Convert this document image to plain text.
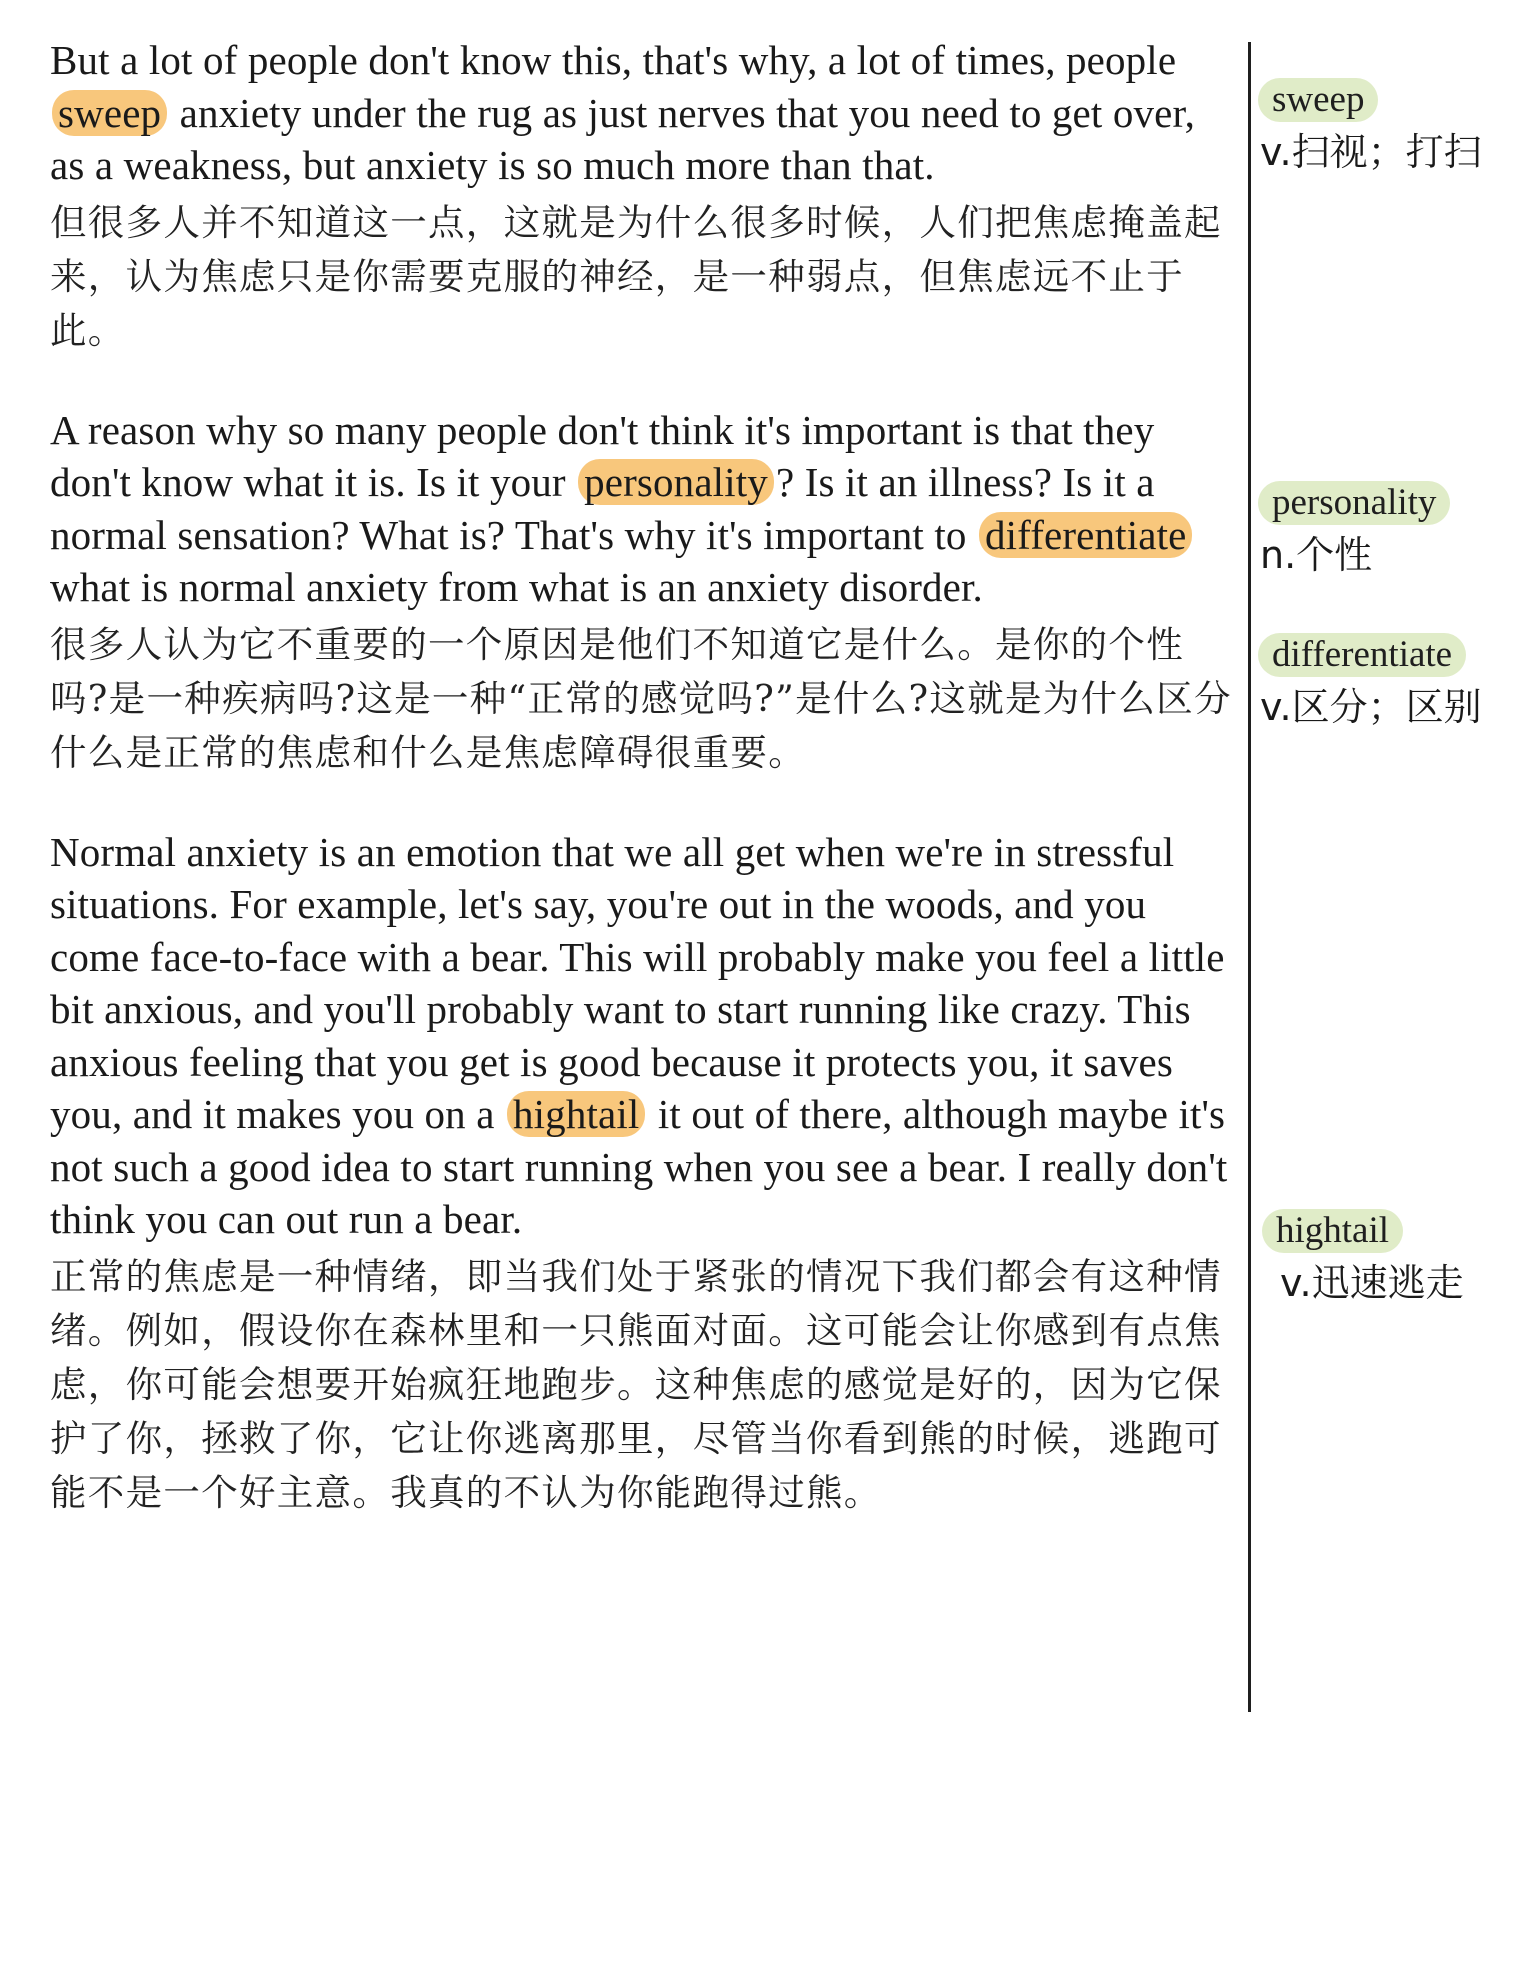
But a lot of people don't know this, that's why, a lot of times, people sweep anxiety under the rug as just nerves that you need to get over, as a weakness, but anxiety is so much more than that.

但很多人并不知道这一点，这就是为什么很多时候，人们把焦虑掩盖起来，认为焦虑只是你需要克服的神经，是一种弱点，但焦虑远不止于此。

A reason why so many people don't think it's important is that they don't know what it is. Is it your personality ? Is it an illness? Is it a normal sensation? What is? That's why it's important to differentiate what is normal anxiety from what is an anxiety disorder.

很多人认为它不重要的一个原因是他们不知道它是什么。是你的个性吗?是一种疾病吗?这是一种“正常的感觉吗?”是什么?这就是为什么区分什么是正常的焦虑和什么是焦虑障碍很重要。

Normal anxiety is an emotion that we all get when we're in stressful situations. For example, let's say, you're out in the woods, and you come face-to-face with a bear. This will probably make you feel a little bit anxious, and you'll probably want to start running like crazy. This anxious feeling that you get is good because it protects you, it saves you, and it makes you on a hightail it out of there, although maybe it's not such a good idea to start running when you see a bear. I really don't think you can out run a bear.

正常的焦虑是一种情绪，即当我们处于紧张的情况下我们都会有这种情绪。例如，假设你在森林里和一只熊面对面。这可能会让你感到有点焦虑，你可能会想要开始疯狂地跑步。这种焦虑的感觉是好的，因为它保护了你，拯救了你，它让你逃离那里，尽管当你看到熊的时候，逃跑可能不是一个好主意。我真的不认为你能跑得过熊。

sweep
v.扫视；打扫
personality
n.个性
differentiate
v.区分；区别
hightail
v.迅速逃走
